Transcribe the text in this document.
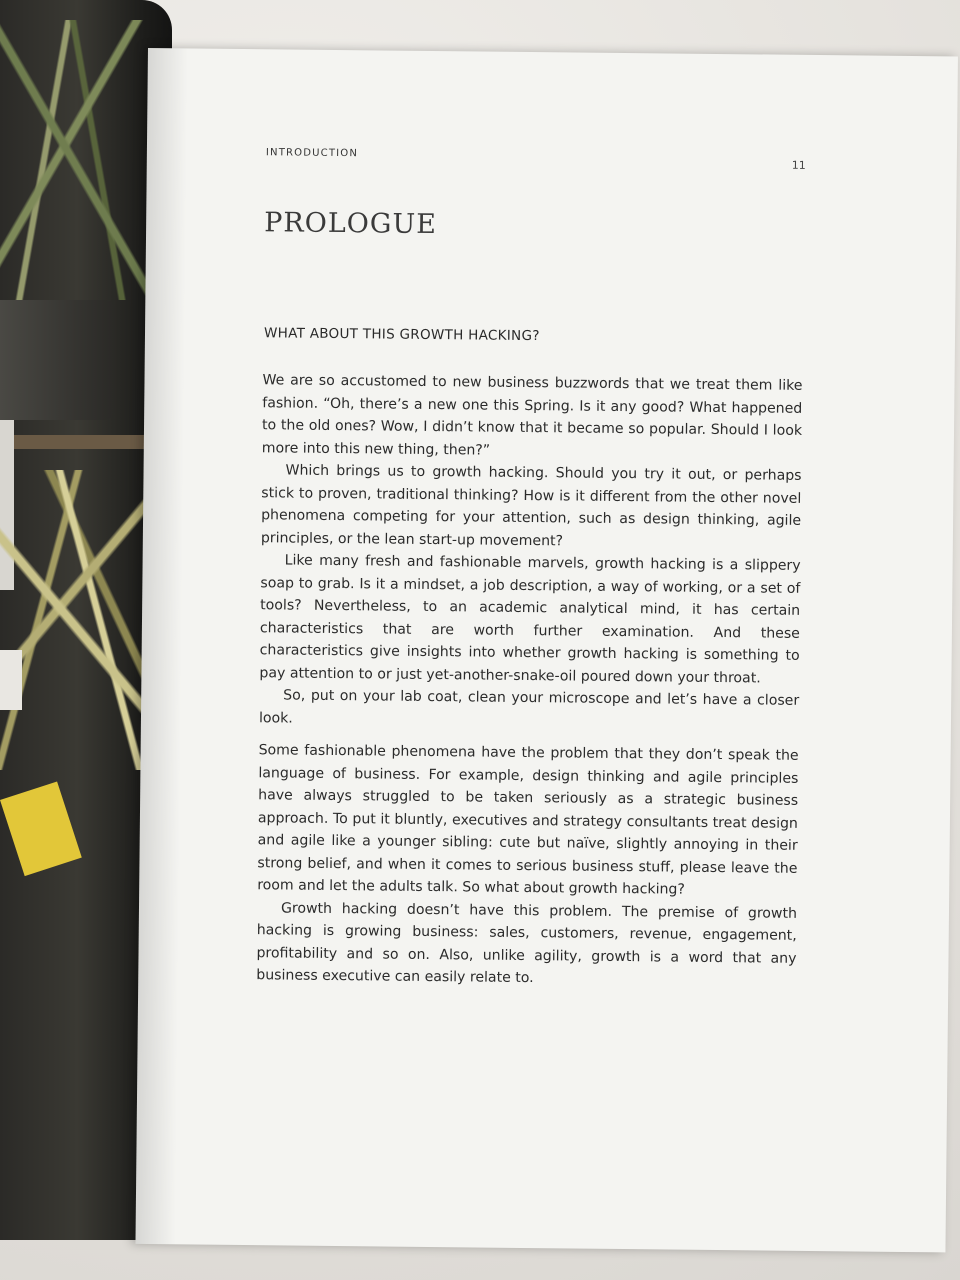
INTRODUCTION
11
PROLOGUE
WHAT ABOUT THIS GROWTH HACKING?

We are so accustomed to new business buzzwords that we treat them like fashion. “Oh, there’s a new one this Spring. Is it any good? What happened to the old ones? Wow, I didn’t know that it became so popular. Should I look more into this new thing, then?”

Which brings us to growth hacking. Should you try it out, or perhaps stick to proven, traditional thinking? How is it different from the other novel phenomena competing for your attention, such as design thinking, agile principles, or the lean start-up movement?

Like many fresh and fashionable marvels, growth hacking is a slippery soap to grab. Is it a mindset, a job description, a way of working, or a set of tools? Nevertheless, to an academic analytical mind, it has certain characteristics that are worth further examination. And these characteristics give insights into whether growth hacking is something to pay attention to or just yet-another-snake-oil poured down your throat.

So, put on your lab coat, clean your microscope and let’s have a closer look.

Some fashionable phenomena have the problem that they don’t speak the language of business. For example, design thinking and agile principles have always struggled to be taken seriously as a strategic business approach. To put it bluntly, executives and strategy consultants treat design and agile like a younger sibling: cute but naïve, slightly annoying in their strong belief, and when it comes to serious business stuff, please leave the room and let the adults talk. So what about growth hacking?

Growth hacking doesn’t have this problem. The premise of growth hacking is growing business: sales, customers, revenue, engagement, profitability and so on. Also, unlike agility, growth is a word that any business executive can easily relate to.
